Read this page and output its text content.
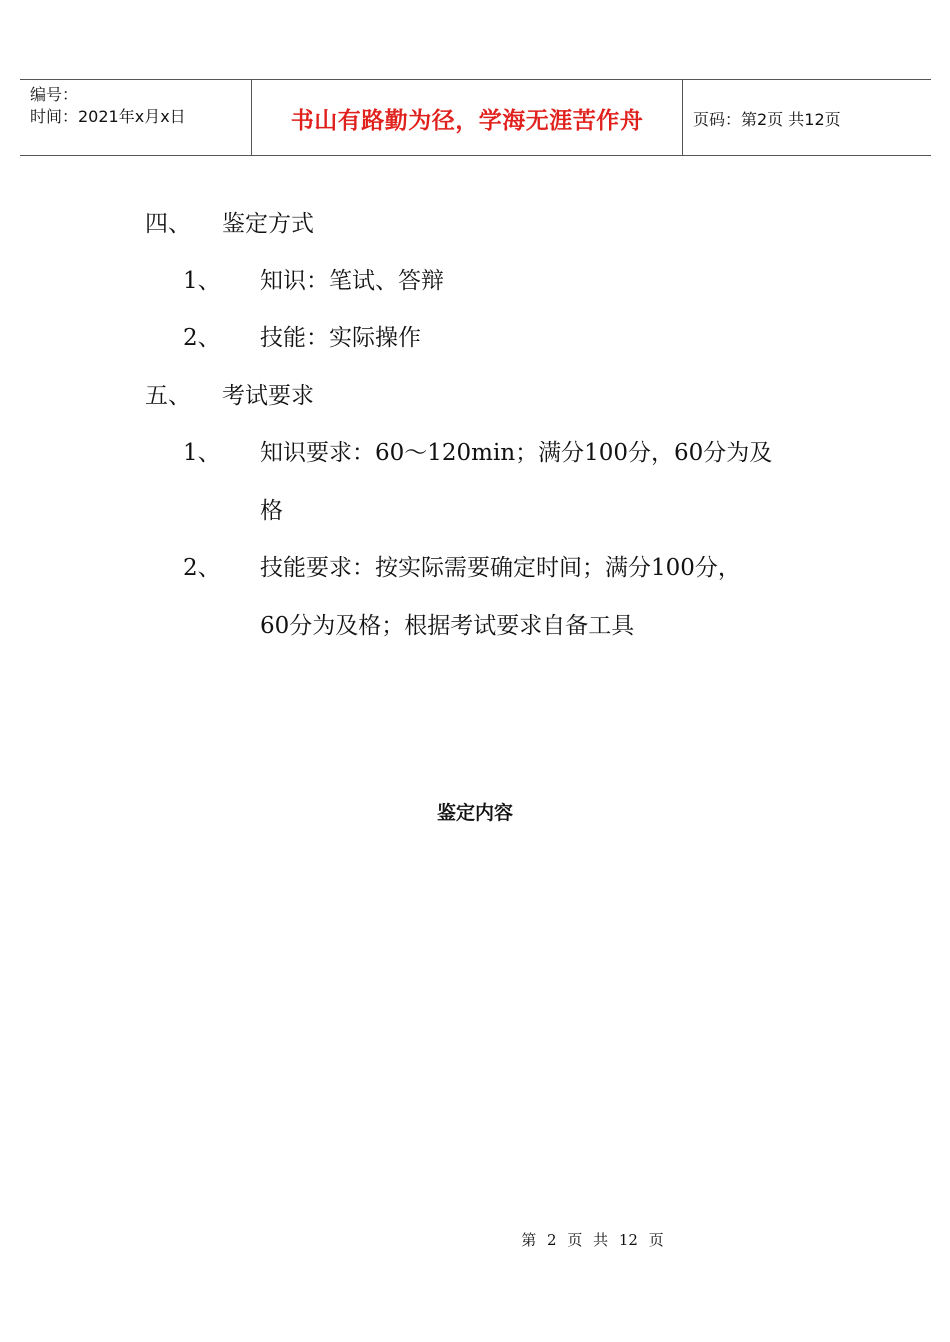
编号：
时间：2021年x月x日	书山有路勤为径，学海无涯苦作舟	页码：第2页 共12页
四、 鉴定方式
1、 知识：笔试、答辩
2、 技能：实际操作
五、 考试要求
1、 知识要求：60～120min；满分100分，60分为及
格
2、 技能要求：按实际需要确定时间；满分100分，
60分为及格；根据考试要求自备工具
鉴定内容
第 2 页 共 12 页
